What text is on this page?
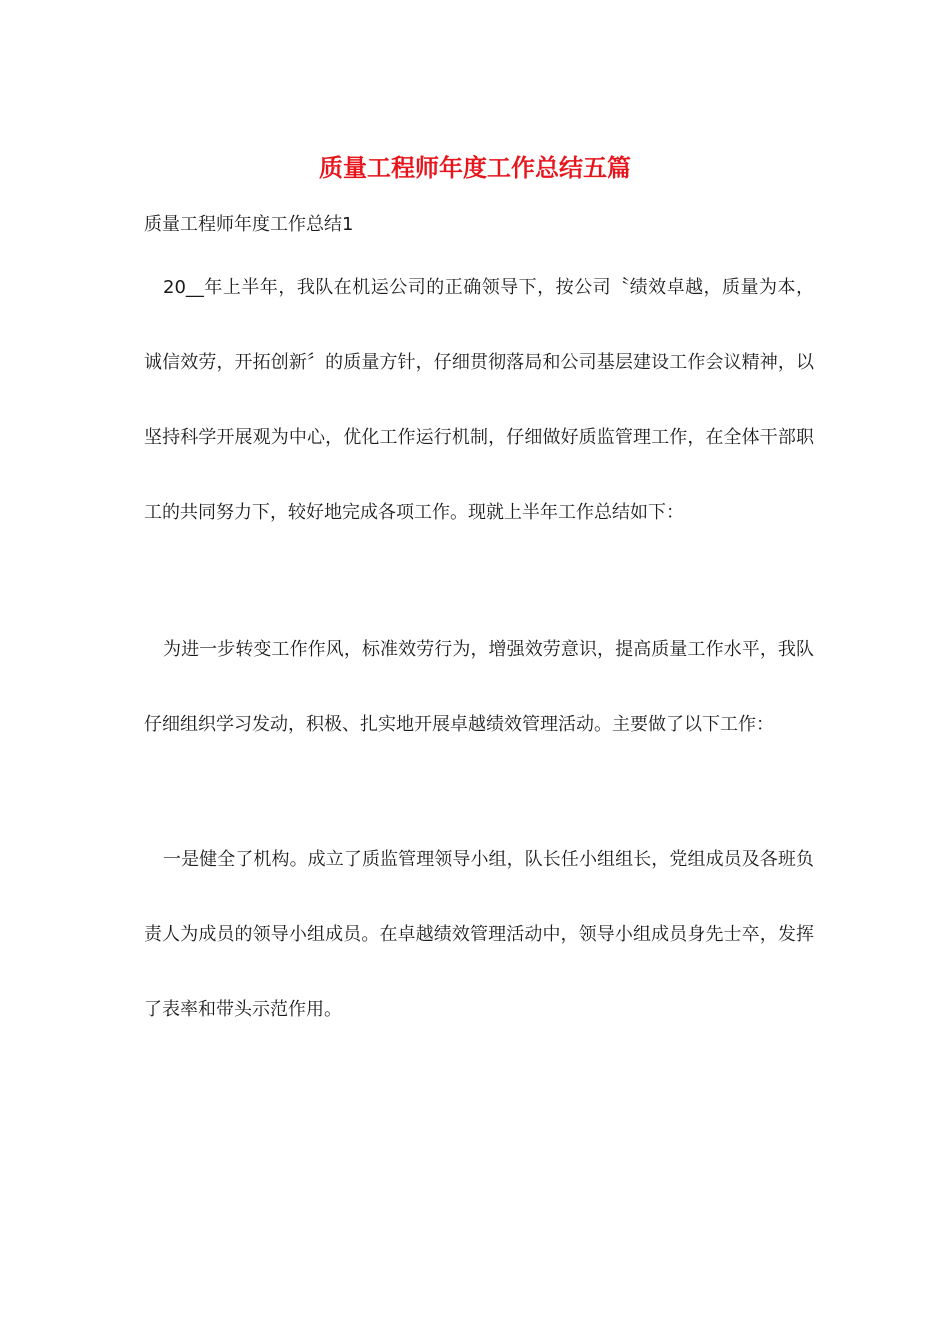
质量工程师年度工作总结五篇

质量工程师年度工作总结1

20__年上半年，我队在机运公司的正确领导下，按公司〝绩效卓越，质量为本，诚信效劳，开拓创新〞的质量方针，仔细贯彻落局和公司基层建设工作会议精神，以坚持科学开展观为中心，优化工作运行机制，仔细做好质监管理工作，在全体干部职工的共同努力下，较好地完成各项工作。现就上半年工作总结如下：

为进一步转变工作作风，标准效劳行为，增强效劳意识，提高质量工作水平，我队仔细组织学习发动，积极、扎实地开展卓越绩效管理活动。主要做了以下工作：

一是健全了机构。成立了质监管理领导小组，队长任小组组长，党组成员及各班负责人为成员的领导小组成员。在卓越绩效管理活动中，领导小组成员身先士卒，发挥了表率和带头示范作用。
